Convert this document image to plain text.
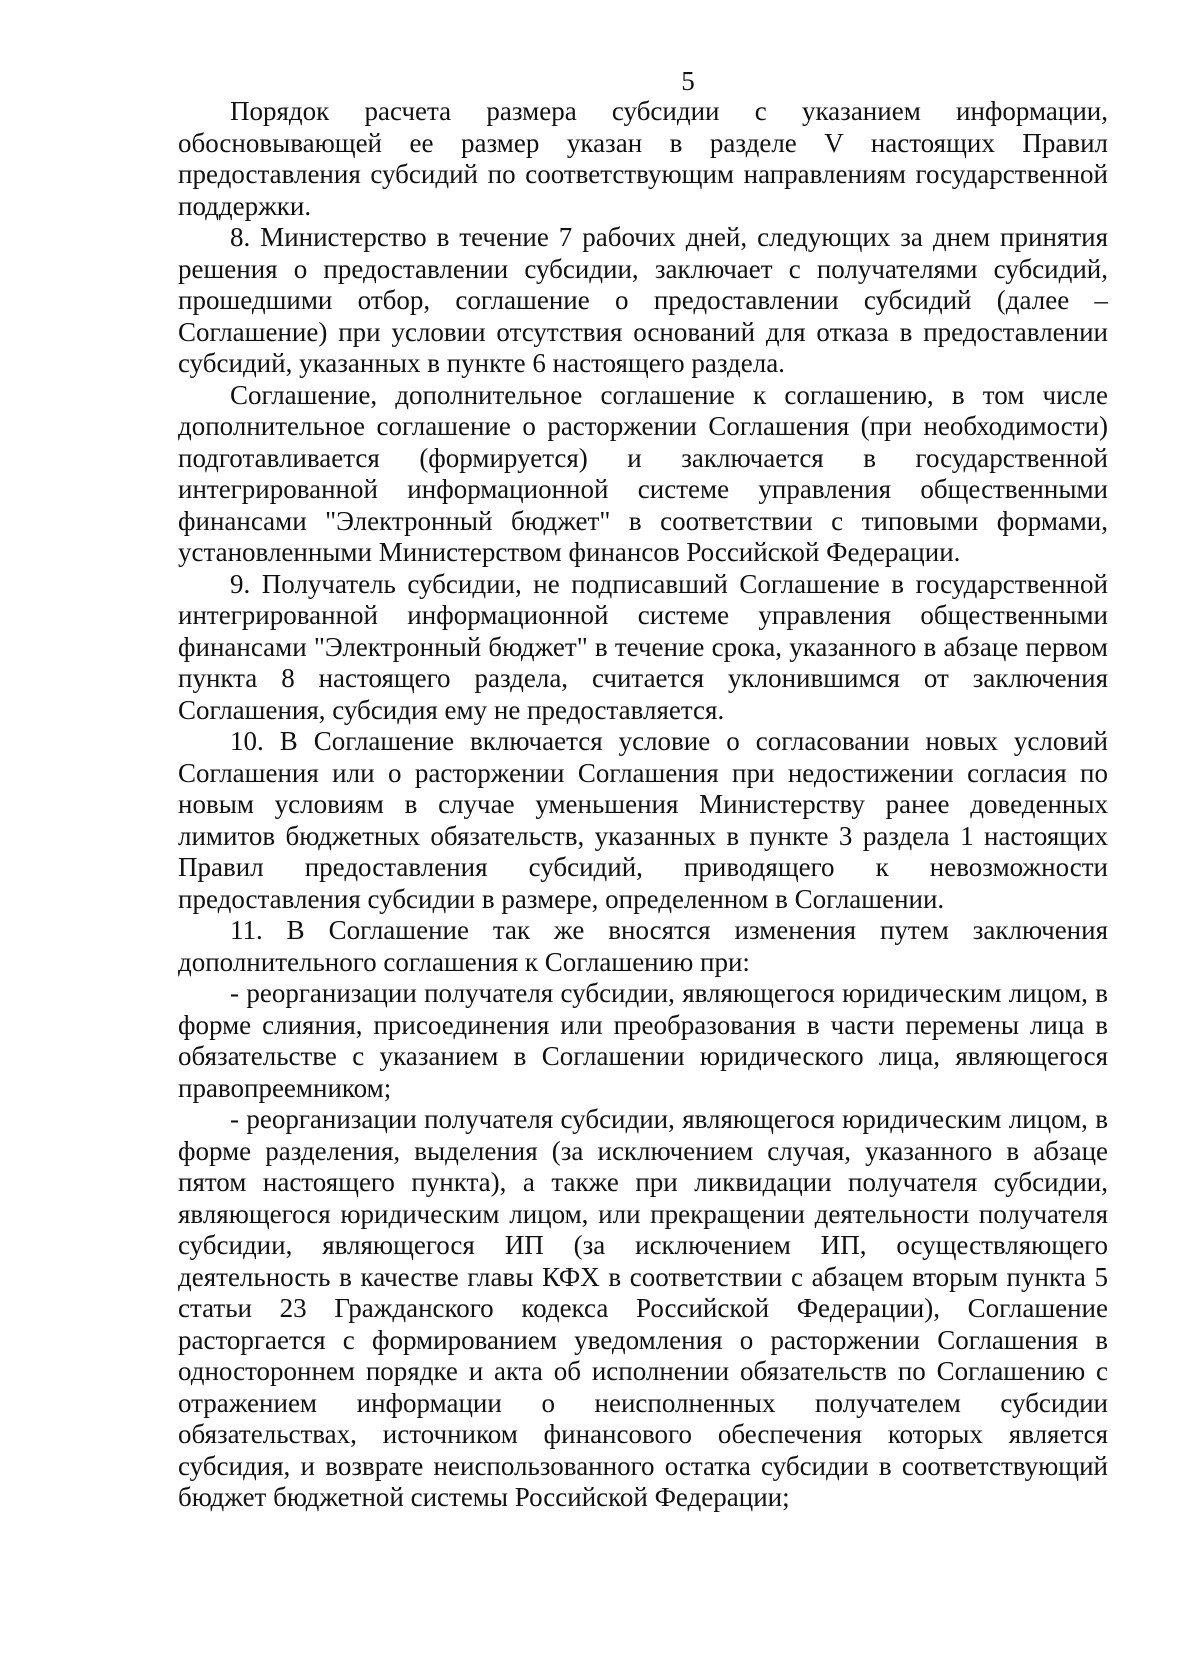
5

Порядок расчета размера субсидии с указанием информации, обосновывающей ее размер указан в разделе V настоящих Правил предоставления субсидий по соответствующим направлениям государственной поддержки.

8. Министерство в течение 7 рабочих дней, следующих за днем принятия решения о предоставлении субсидии, заключает с получателями субсидий, прошедшими отбор, соглашение о предоставлении субсидий (далее – Соглашение) при условии отсутствия оснований для отказа в предоставлении субсидий, указанных в пункте 6 настоящего раздела.

Соглашение, дополнительное соглашение к соглашению, в том числе дополнительное соглашение о расторжении Соглашения (при необходимости) подготавливается (формируется) и заключается в государственной интегрированной информационной системе управления общественными финансами "Электронный бюджет" в соответствии с типовыми формами, установленными Министерством финансов Российской Федерации.

9. Получатель субсидии, не подписавший Соглашение в государственной интегрированной информационной системе управления общественными финансами "Электронный бюджет" в течение срока, указанного в абзаце первом пункта 8 настоящего раздела, считается уклонившимся от заключения Соглашения, субсидия ему не предоставляется.

10. В Соглашение включается условие о согласовании новых условий Соглашения или о расторжении Соглашения при недостижении согласия по новым условиям в случае уменьшения Министерству ранее доведенных лимитов бюджетных обязательств, указанных в пункте 3 раздела 1 настоящих Правил предоставления субсидий, приводящего к невозможности предоставления субсидии в размере, определенном в Соглашении.

11. В Соглашение так же вносятся изменения путем заключения дополнительного соглашения к Соглашению при:

- реорганизации получателя субсидии, являющегося юридическим лицом, в форме слияния, присоединения или преобразования в части перемены лица в обязательстве с указанием в Соглашении юридического лица, являющегося правопреемником;

- реорганизации получателя субсидии, являющегося юридическим лицом, в форме разделения, выделения (за исключением случая, указанного в абзаце пятом настоящего пункта), а также при ликвидации получателя субсидии, являющегося юридическим лицом, или прекращении деятельности получателя субсидии, являющегося ИП (за исключением ИП, осуществляющего деятельность в качестве главы КФХ в соответствии с абзацем вторым пункта 5 статьи 23 Гражданского кодекса Российской Федерации), Соглашение расторгается с формированием уведомления о расторжении Соглашения в одностороннем порядке и акта об исполнении обязательств по Соглашению с отражением информации о неисполненных получателем субсидии обязательствах, источником финансового обеспечения которых является субсидия, и возврате неиспользованного остатка субсидии в соответствующий бюджет бюджетной системы Российской Федерации;
